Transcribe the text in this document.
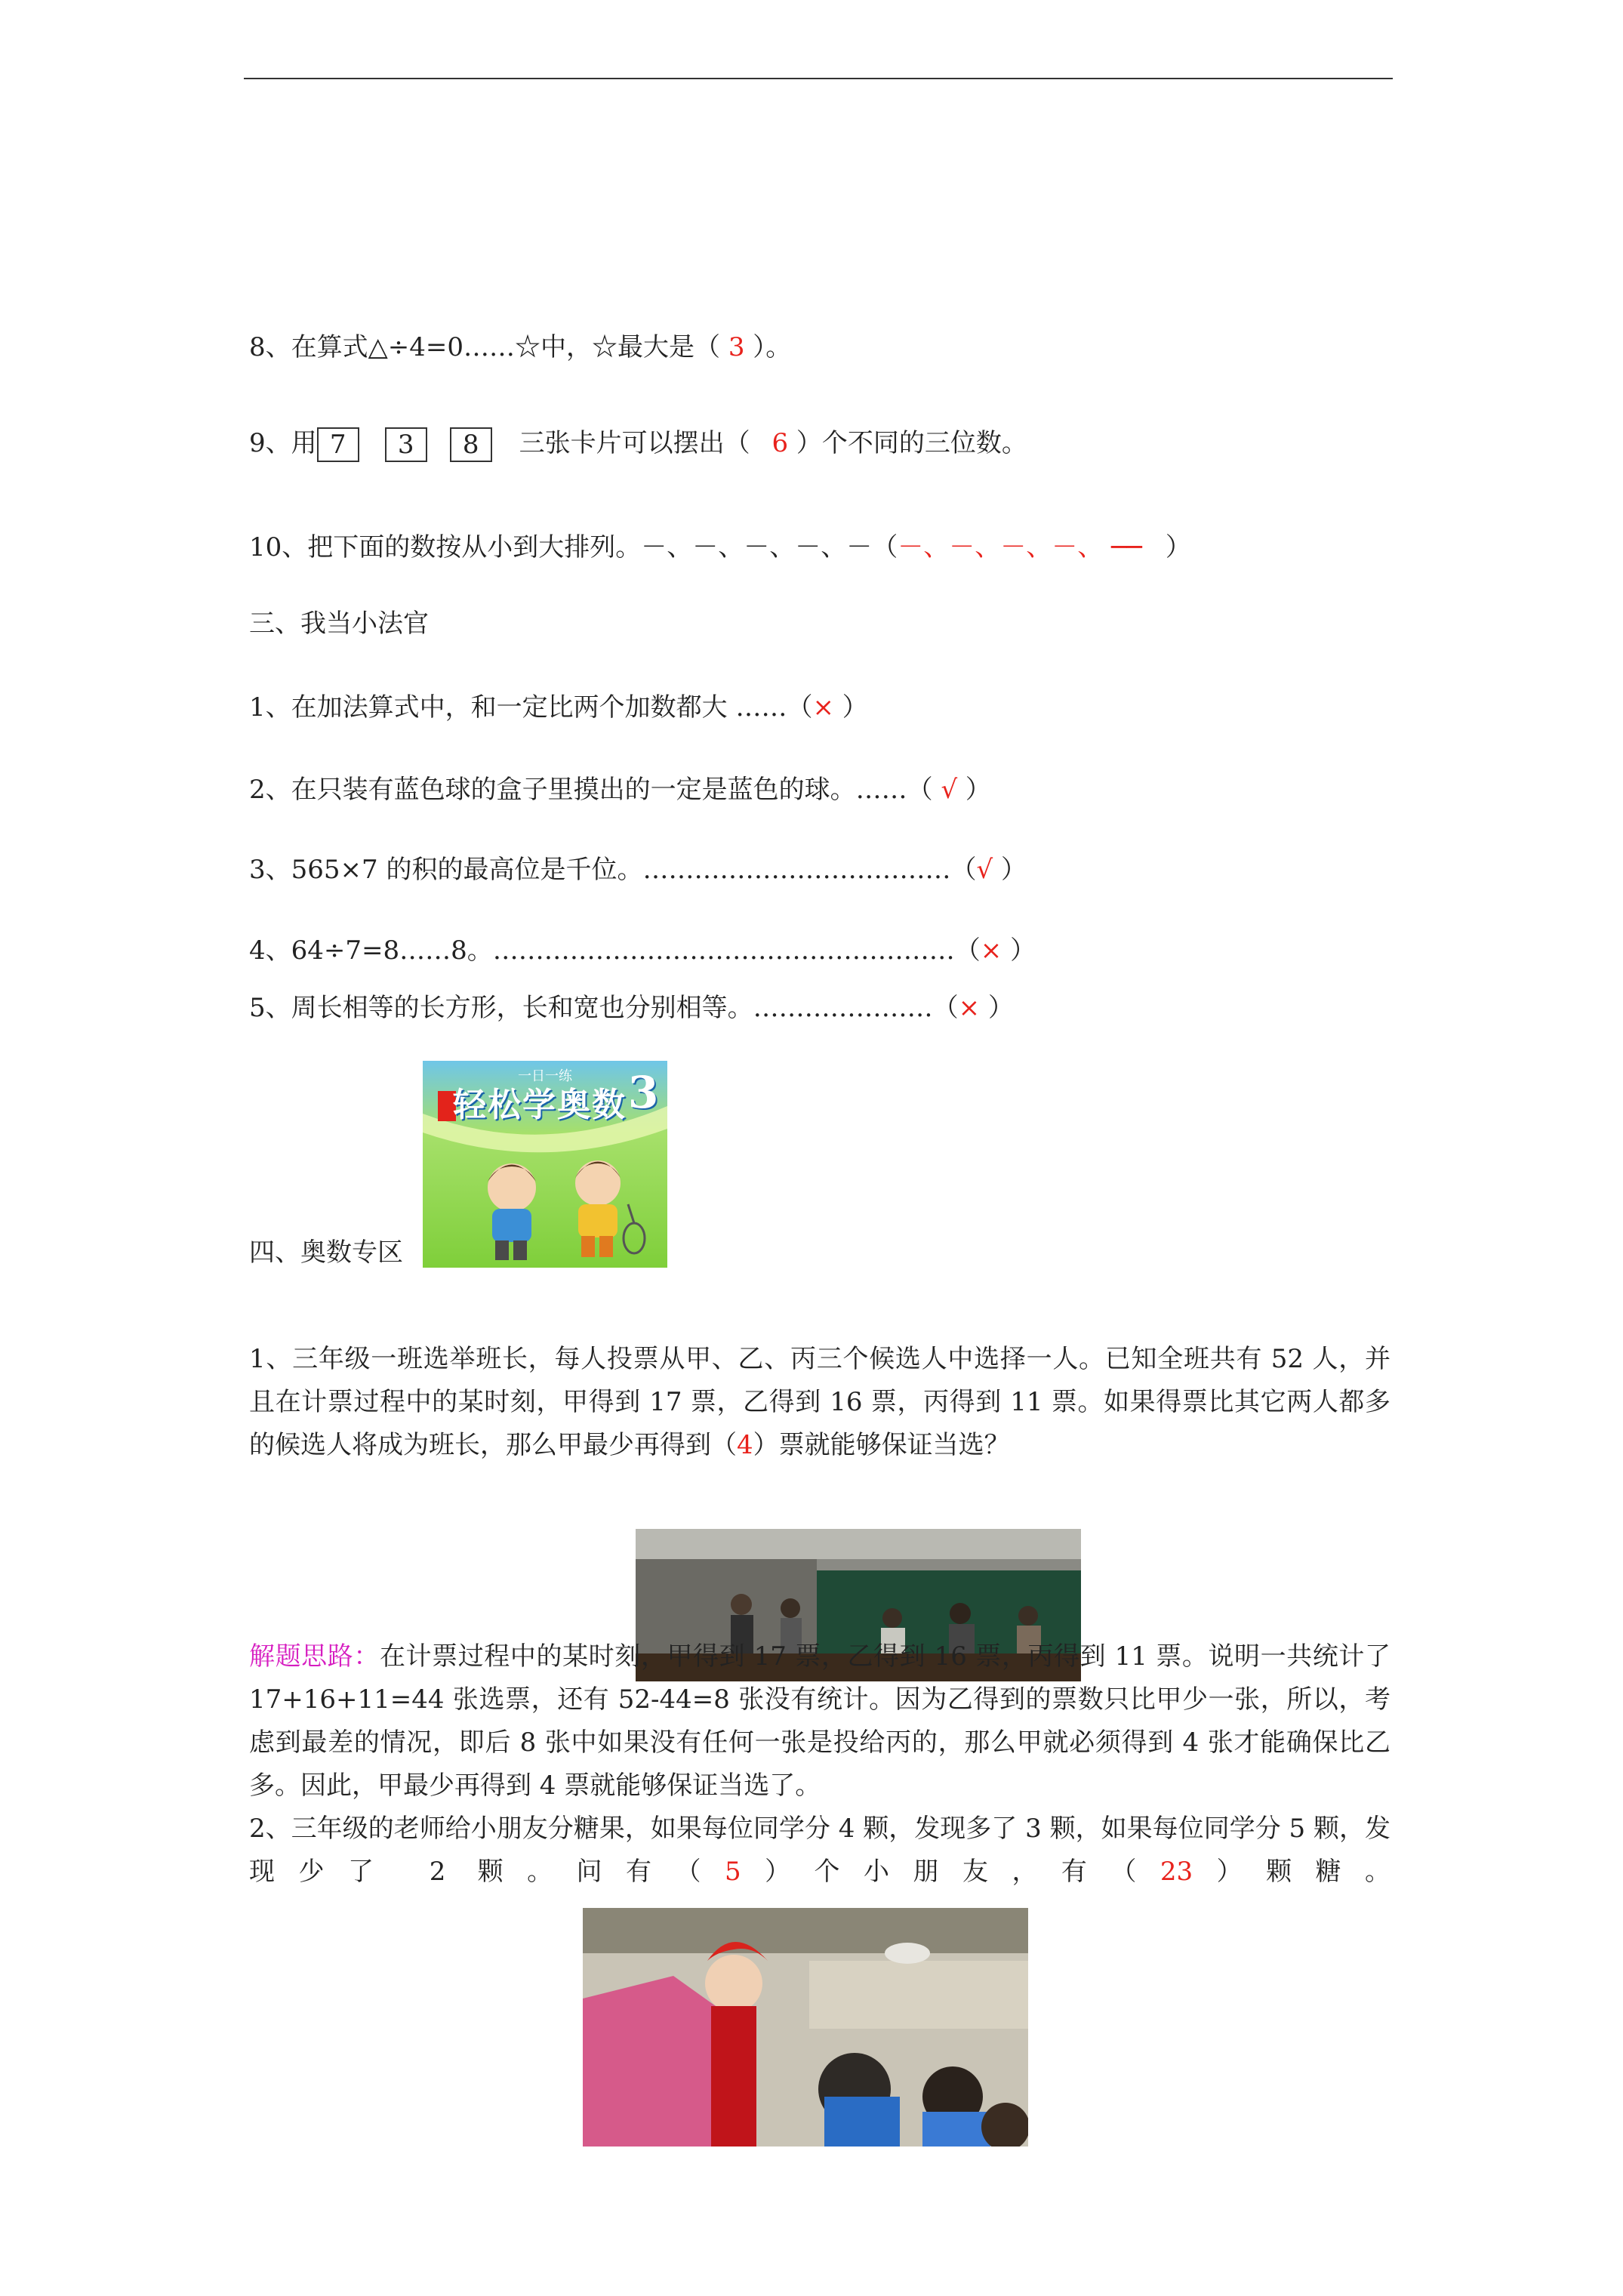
8、在算式△÷4=0……☆中，☆最大是（ 3 ）。
9、用 7 3 8 三张卡片可以摆出（ 6 ）个不同的三位数。
10、把下面的数按从小到大排列。－、－、－、－、－（－、－、－、－、 ── ）
三、我当小法官
1、在加法算式中，和一定比两个加数都大 ……（× ）
2、在只装有蓝色球的盒子里摸出的一定是蓝色的球。……（ √ ）
3、565×7 的积的最高位是千位。………………………………（√ ）
4、64÷7=8……8。………………………………………………（× ）
5、周长相等的长方形，长和宽也分别相等。…………………（× ）
一日一练
轻松学奥数 3
四、奥数专区
1、三年级一班选举班长，每人投票从甲、乙、丙三个候选人中选择一人。已知全班共有 52 人，并且在计票过程中的某时刻，甲得到 17 票，乙得到 16 票，丙得到 11 票。如果得票比其它两人都多的候选人将成为班长，那么甲最少再得到（4）票就能够保证当选？
解题思路：在计票过程中的某时刻，甲得到 17 票，乙得到 16 票，丙得到 11 票。说明一共统计了 17+16+11=44 张选票，还有 52-44=8 张没有统计。因为乙得到的票数只比甲少一张，所以，考虑到最差的情况，即后 8 张中如果没有任何一张是投给丙的，那么甲就必须得到 4 张才能确保比乙多。因此，甲最少再得到 4 票就能够保证当选了。
2、三年级的老师给小朋友分糖果，如果每位同学分 4 颗，发现多了 3 颗，如果每位同学分 5 颗，发现少了 2 颗。问有（5）个小朋友，有（23）颗糖。
